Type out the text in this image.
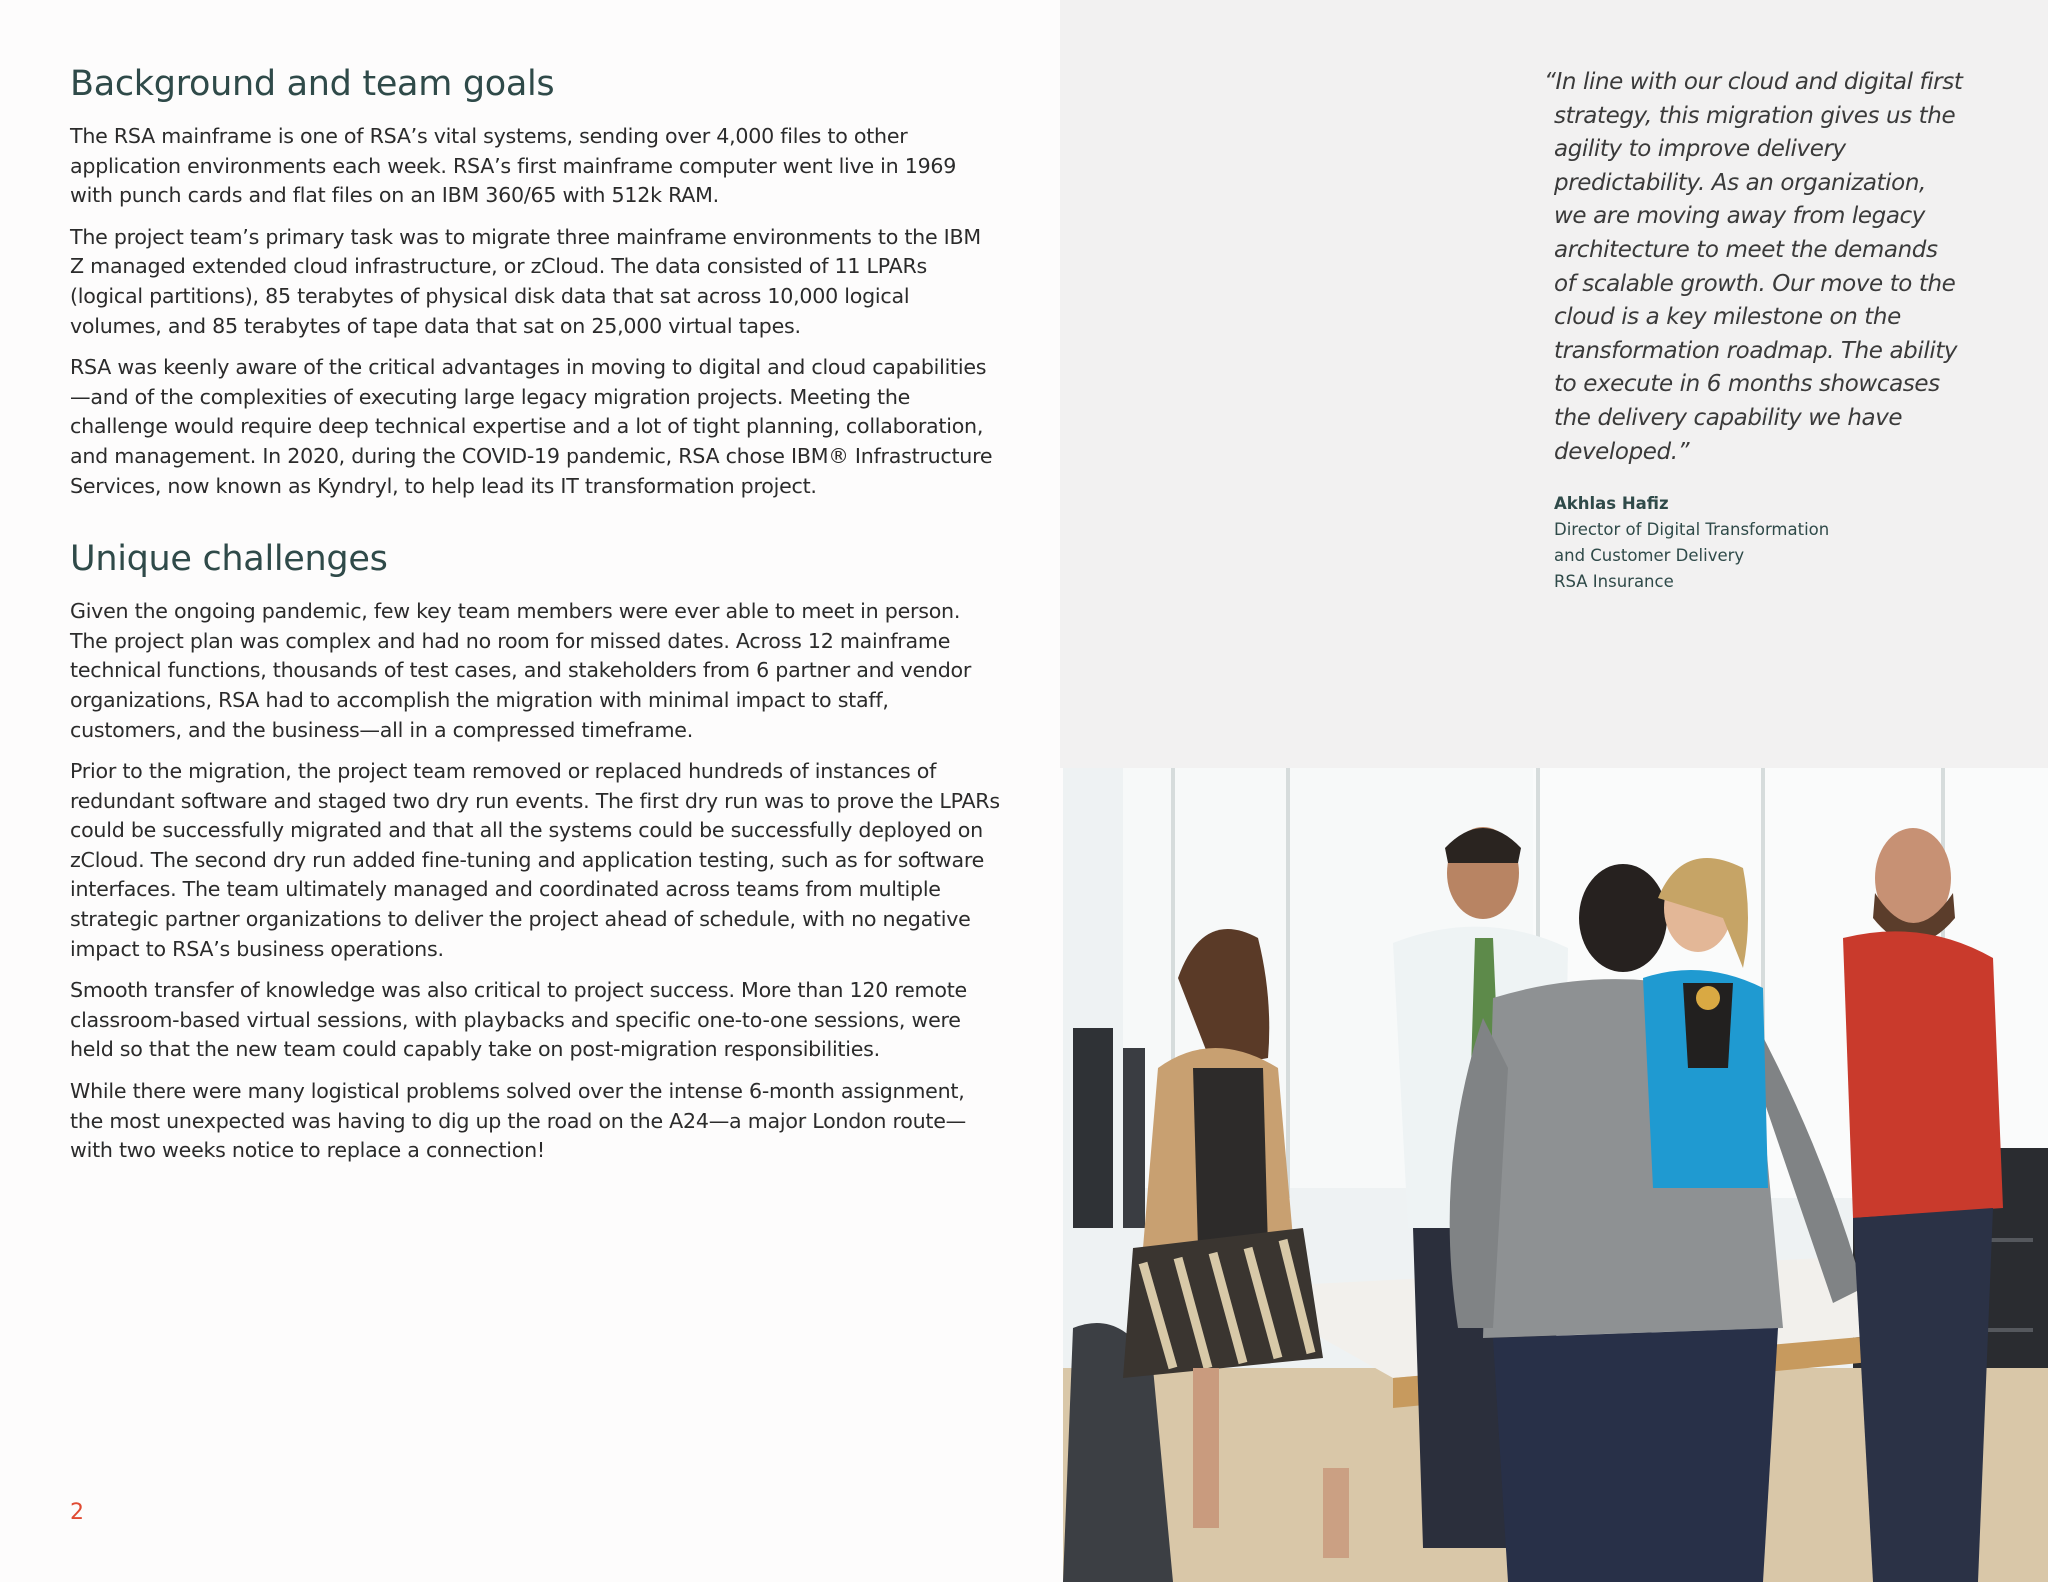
Background and team goals

The RSA mainframe is one of RSA’s vital systems, sending over 4,000 files to other application environments each week. RSA’s first mainframe computer went live in 1969 with punch cards and flat files on an IBM 360/65 with 512k RAM.

The project team’s primary task was to migrate three mainframe environments to the IBM Z managed extended cloud infrastructure, or zCloud. The data consisted of 11 LPARs (logical partitions), 85 terabytes of physical disk data that sat across 10,000 logical volumes, and 85 terabytes of tape data that sat on 25,000 virtual tapes.

RSA was keenly aware of the critical advantages in moving to digital and cloud capabilities—and of the complexities of executing large legacy migration projects. Meeting the challenge would require deep technical expertise and a lot of tight planning, collaboration, and management. In 2020, during the COVID-19 pandemic, RSA chose IBM® Infrastructure Services, now known as Kyndryl, to help lead its IT transformation project.

Unique challenges

Given the ongoing pandemic, few key team members were ever able to meet in person. The project plan was complex and had no room for missed dates. Across 12 mainframe technical functions, thousands of test cases, and stakeholders from 6 partner and vendor organizations, RSA had to accomplish the migration with minimal impact to staff, customers, and the business—all in a compressed timeframe.

Prior to the migration, the project team removed or replaced hundreds of instances of redundant software and staged two dry run events. The first dry run was to prove the LPARs could be successfully migrated and that all the systems could be successfully deployed on zCloud. The second dry run added fine-tuning and application testing, such as for software interfaces. The team ultimately managed and coordinated across teams from multiple strategic partner organizations to deliver the project ahead of schedule, with no negative impact to RSA’s business operations.

Smooth transfer of knowledge was also critical to project success. More than 120 remote classroom-based virtual sessions, with playbacks and specific one-to-one sessions, were held so that the new team could capably take on post-migration responsibilities.

While there were many logistical problems solved over the intense 6-month assignment, the most unexpected was having to dig up the road on the A24—a major London route—with two weeks notice to replace a connection!

2
“In line with our cloud and digital first strategy, this migration gives us the agility to improve delivery predictability. As an organization, we are moving away from legacy architecture to meet the demands of scalable growth. Our move to the cloud is a key milestone on the transformation roadmap. The ability to execute in 6 months showcases the delivery capability we have developed.”
Akhlas Hafiz
Director of Digital Transformation
and Customer Delivery
RSA Insurance
